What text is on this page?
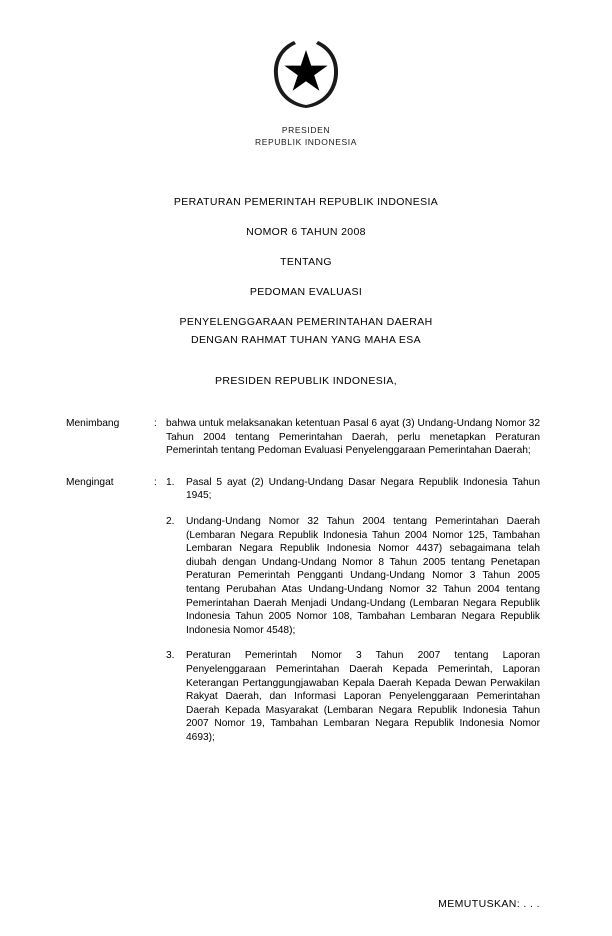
PRESIDEN
REPUBLIK INDONESIA
PERATURAN PEMERINTAH REPUBLIK INDONESIA
NOMOR 6 TAHUN 2008
TENTANG
PEDOMAN EVALUASI
PENYELENGGARAAN PEMERINTAHAN DAERAH
DENGAN RAHMAT TUHAN YANG MAHA ESA
PRESIDEN REPUBLIK INDONESIA,
Menimbang	: bahwa untuk melaksanakan ketentuan Pasal 6 ayat (3) Undang-Undang Nomor 32 Tahun 2004 tentang Pemerintahan Daerah, perlu menetapkan Peraturan Pemerintah tentang Pedoman Evaluasi Penyelenggaraan Pemerintahan Daerah;

Mengingat	: 1.	Pasal 5 ayat (2) Undang-Undang Dasar Negara Republik Indonesia Tahun 1945;
2.	Undang-Undang Nomor 32 Tahun 2004 tentang Pemerintahan Daerah (Lembaran Negara Republik Indonesia Tahun 2004 Nomor 125, Tambahan Lembaran Negara Republik Indonesia Nomor 4437) sebagaimana telah diubah dengan Undang-Undang Nomor 8 Tahun 2005 tentang Penetapan Peraturan Pemerintah Pengganti Undang-Undang Nomor 3 Tahun 2005 tentang Perubahan Atas Undang-Undang Nomor 32 Tahun 2004 tentang Pemerintahan Daerah Menjadi Undang-Undang (Lembaran Negara Republik Indonesia Tahun 2005 Nomor 108, Tambahan Lembaran Negara Republik Indonesia Nomor 4548);
3.	Peraturan Pemerintah Nomor 3 Tahun 2007 tentang Laporan Penyelenggaraan Pemerintahan Daerah Kepada Pemerintah, Laporan Keterangan Pertanggungjawaban Kepala Daerah Kepada Dewan Perwakilan Rakyat Daerah, dan Informasi Laporan Penyelenggaraan Pemerintahan Daerah Kepada Masyarakat (Lembaran Negara Republik Indonesia Tahun 2007 Nomor 19, Tambahan Lembaran Negara Republik Indonesia Nomor 4693);
MEMUTUSKAN: . . .
